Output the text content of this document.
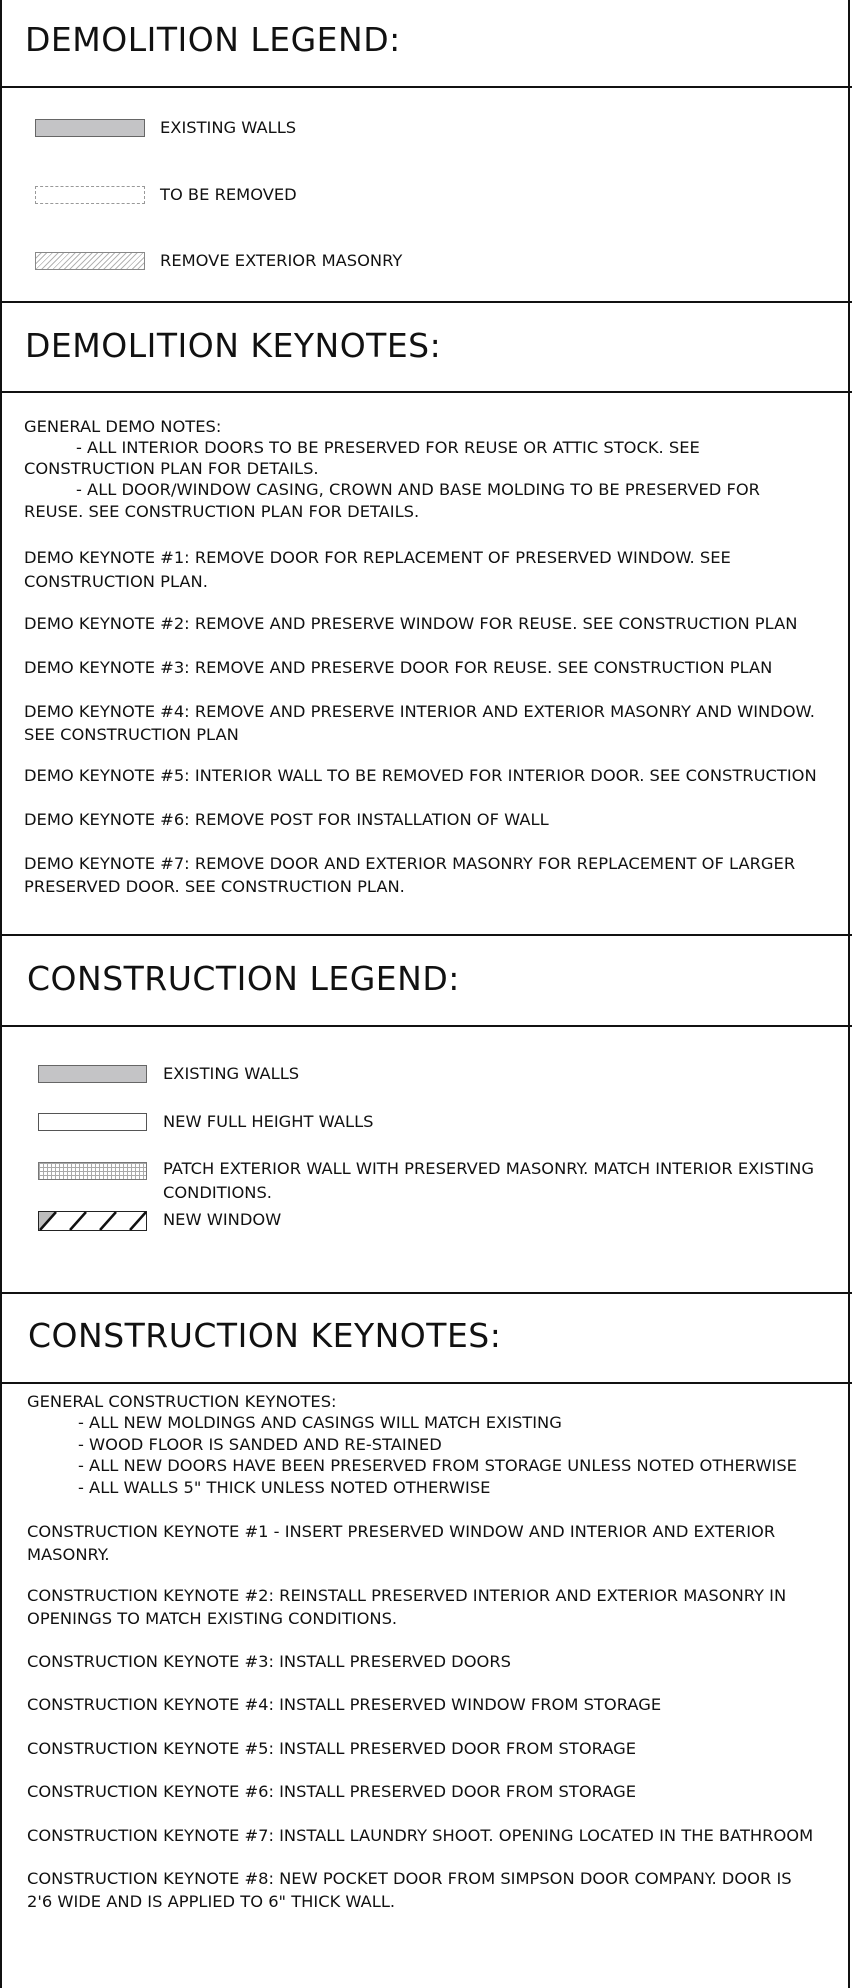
DEMOLITION LEGEND:
EXISTING WALLS
TO BE REMOVED
REMOVE EXTERIOR MASONRY
DEMOLITION KEYNOTES:
GENERAL DEMO NOTES:
- ALL INTERIOR DOORS TO BE PRESERVED FOR REUSE OR ATTIC STOCK. SEE
CONSTRUCTION PLAN FOR DETAILS.
- ALL DOOR/WINDOW CASING, CROWN AND BASE MOLDING TO BE PRESERVED FOR
REUSE. SEE CONSTRUCTION PLAN FOR DETAILS.
DEMO KEYNOTE #1: REMOVE DOOR FOR REPLACEMENT OF PRESERVED WINDOW. SEE
CONSTRUCTION PLAN.
DEMO KEYNOTE #2: REMOVE AND PRESERVE WINDOW FOR REUSE. SEE CONSTRUCTION PLAN
DEMO KEYNOTE #3: REMOVE AND PRESERVE DOOR FOR REUSE. SEE CONSTRUCTION PLAN
DEMO KEYNOTE #4: REMOVE AND PRESERVE INTERIOR AND EXTERIOR MASONRY AND WINDOW.
SEE CONSTRUCTION PLAN
DEMO KEYNOTE #5: INTERIOR WALL TO BE REMOVED FOR INTERIOR DOOR. SEE CONSTRUCTION
DEMO KEYNOTE #6: REMOVE POST FOR INSTALLATION OF WALL
DEMO KEYNOTE #7: REMOVE DOOR AND EXTERIOR MASONRY FOR REPLACEMENT OF LARGER
PRESERVED DOOR. SEE CONSTRUCTION PLAN.
CONSTRUCTION LEGEND:
EXISTING WALLS
NEW FULL HEIGHT WALLS
PATCH EXTERIOR WALL WITH PRESERVED MASONRY. MATCH INTERIOR EXISTING
CONDITIONS.
NEW WINDOW
CONSTRUCTION KEYNOTES:
GENERAL CONSTRUCTION KEYNOTES:
- ALL NEW MOLDINGS AND CASINGS WILL MATCH EXISTING
- WOOD FLOOR IS SANDED AND RE-STAINED
- ALL NEW DOORS HAVE BEEN PRESERVED FROM STORAGE UNLESS NOTED OTHERWISE
- ALL WALLS 5" THICK UNLESS NOTED OTHERWISE
CONSTRUCTION KEYNOTE #1 - INSERT PRESERVED WINDOW AND INTERIOR AND EXTERIOR
MASONRY.
CONSTRUCTION KEYNOTE #2: REINSTALL PRESERVED INTERIOR AND EXTERIOR MASONRY IN
OPENINGS TO MATCH EXISTING CONDITIONS.
CONSTRUCTION KEYNOTE #3: INSTALL PRESERVED DOORS
CONSTRUCTION KEYNOTE #4: INSTALL PRESERVED WINDOW FROM STORAGE
CONSTRUCTION KEYNOTE #5: INSTALL PRESERVED DOOR FROM STORAGE
CONSTRUCTION KEYNOTE #6: INSTALL PRESERVED DOOR FROM STORAGE
CONSTRUCTION KEYNOTE #7: INSTALL LAUNDRY SHOOT. OPENING LOCATED IN THE BATHROOM
CONSTRUCTION KEYNOTE #8: NEW POCKET DOOR FROM SIMPSON DOOR COMPANY. DOOR IS
2'6 WIDE AND IS APPLIED TO 6" THICK WALL.
